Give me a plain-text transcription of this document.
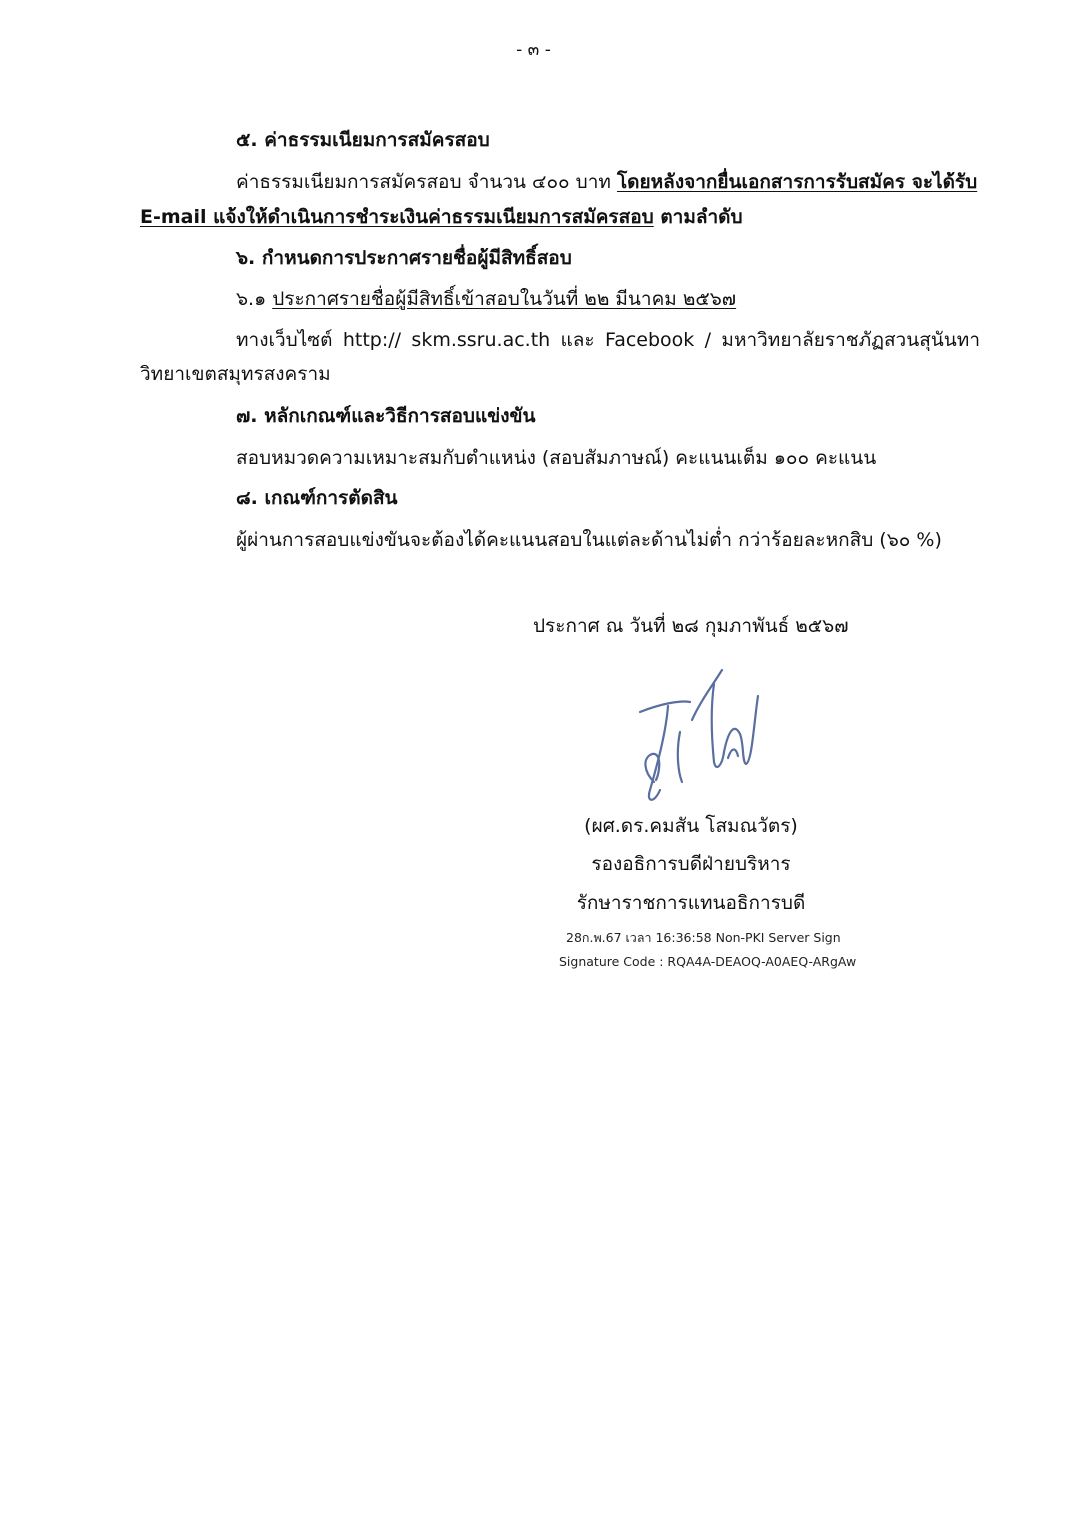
- ๓ -
๕. ค่าธรรมเนียมการสมัครสอบ
ค่าธรรมเนียมการสมัครสอบ จำนวน ๔๐๐ บาท โดยหลังจากยื่นเอกสารการรับสมัคร จะได้รับ
E-mail แจ้งให้ดำเนินการชำระเงินค่าธรรมเนียมการสมัครสอบ ตามลำดับ
๖. กำหนดการประกาศรายชื่อผู้มีสิทธิ์สอบ
๖.๑ ประกาศรายชื่อผู้มีสิทธิ์เข้าสอบในวันที่ ๒๒ มีนาคม ๒๕๖๗
ทางเว็บไซต์ http:// skm.ssru.ac.th และ Facebook / มหาวิทยาลัยราชภัฏสวนสุนันทา
วิทยาเขตสมุทรสงคราม
๗. หลักเกณฑ์และวิธีการสอบแข่งขัน
สอบหมวดความเหมาะสมกับตำแหน่ง (สอบสัมภาษณ์) คะแนนเต็ม ๑๐๐ คะแนน
๘. เกณฑ์การตัดสิน
ผู้ผ่านการสอบแข่งขันจะต้องได้คะแนนสอบในแต่ละด้านไม่ต่ำ กว่าร้อยละหกสิบ (๖๐ %)
ประกาศ ณ วันที่ ๒๘ กุมภาพันธ์ ๒๕๖๗
(ผศ.ดร.คมสัน โสมณวัตร)
รองอธิการบดีฝ่ายบริหาร
รักษาราชการแทนอธิการบดี
28ก.พ.67 เวลา 16:36:58 Non-PKI Server Sign
Signature Code : RQA4A-DEAOQ-A0AEQ-ARgAw
